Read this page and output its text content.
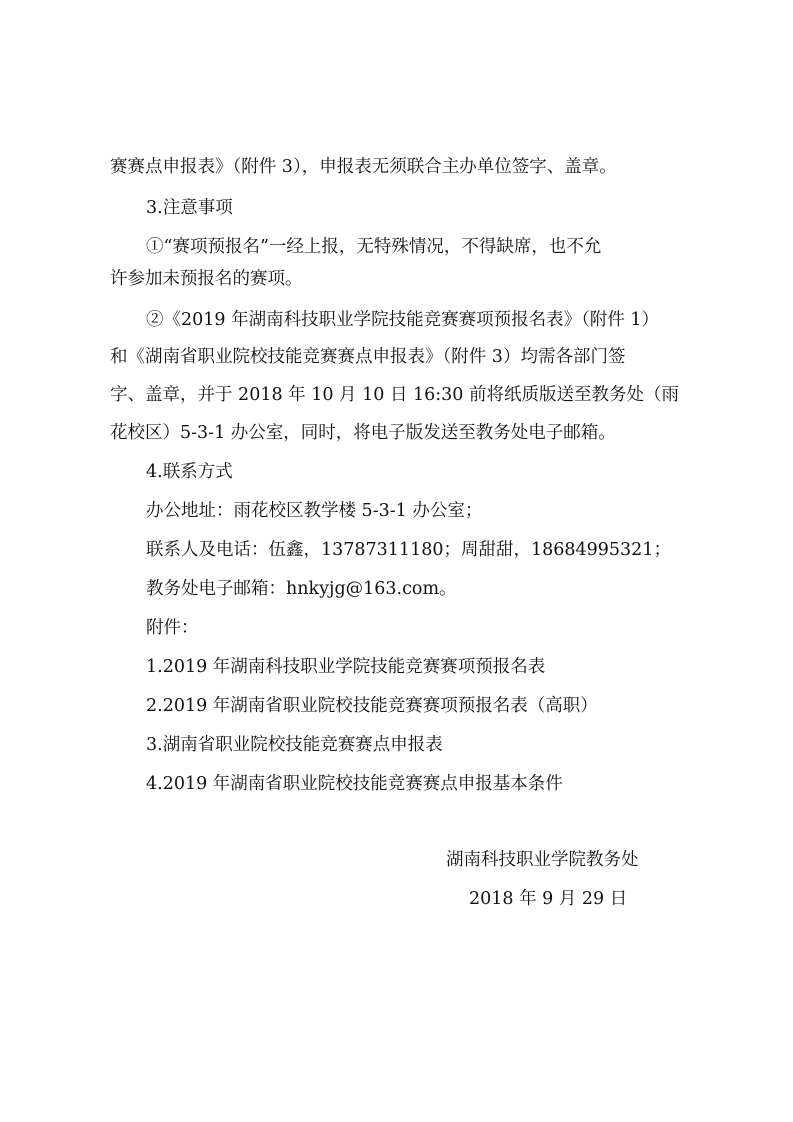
赛赛点申报表》（附件 3），申报表无须联合主办单位签字、盖章。
3.注意事项
①“赛项预报名”一经上报，无特殊情况，不得缺席，也不允
许参加未预报名的赛项。
②《2019 年湖南科技职业学院技能竞赛赛项预报名表》（附件 1）
和《湖南省职业院校技能竞赛赛点申报表》（附件 3）均需各部门签
字、盖章，并于 2018 年 10 月 10 日 16:30 前将纸质版送至教务处（雨
花校区）5-3-1 办公室，同时，将电子版发送至教务处电子邮箱。
4.联系方式
办公地址：雨花校区教学楼 5-3-1 办公室；
联系人及电话：伍鑫，13787311180；周甜甜，18684995321；
教务处电子邮箱：hnkyjg@163.com。
附件：
1.2019 年湖南科技职业学院技能竞赛赛项预报名表
2.2019 年湖南省职业院校技能竞赛赛项预报名表（高职）
3.湖南省职业院校技能竞赛赛点申报表
4.2019 年湖南省职业院校技能竞赛赛点申报基本条件
湖南科技职业学院教务处
2018 年 9 月 29 日
